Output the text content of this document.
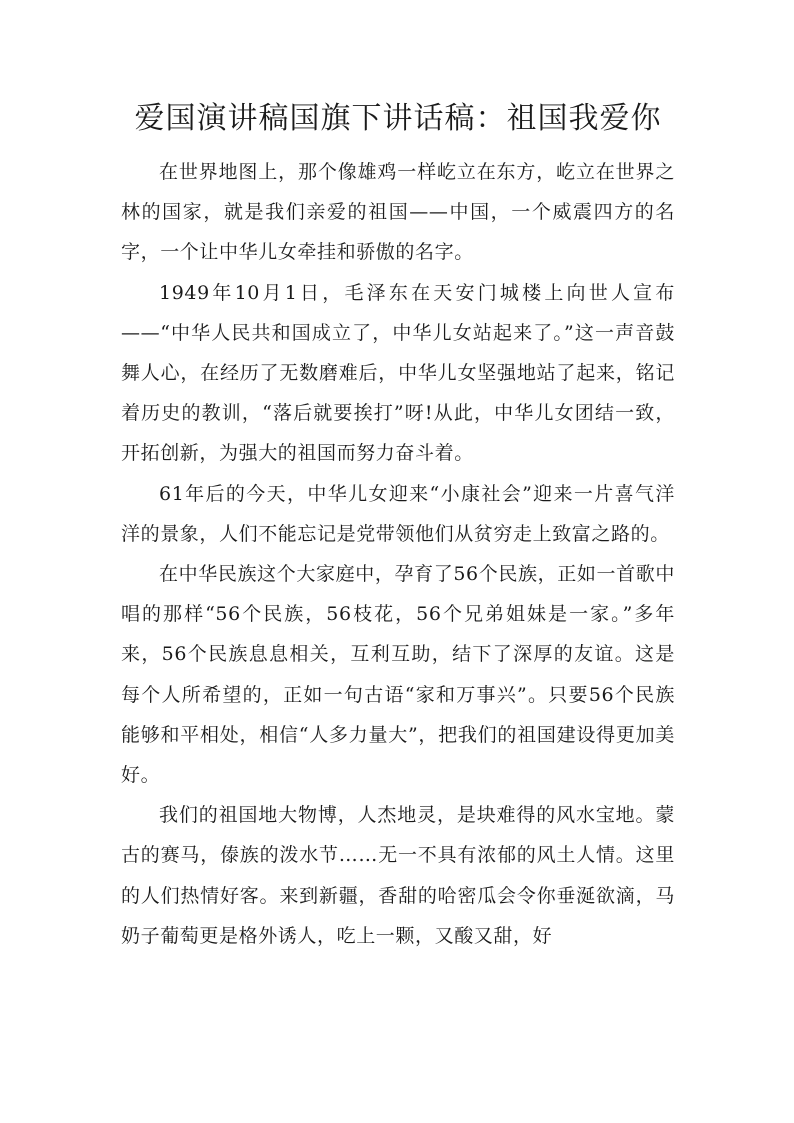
爱国演讲稿国旗下讲话稿：祖国我爱你

在世界地图上，那个像雄鸡一样屹立在东方，屹立在世界之林的国家，就是我们亲爱的祖国——中国，一个威震四方的名字，一个让中华儿女牵挂和骄傲的名字。

1949年10月1日，毛泽东在天安门城楼上向世人宣布——“中华人民共和国成立了，中华儿女站起来了。”这一声音鼓舞人心，在经历了无数磨难后，中华儿女坚强地站了起来，铭记着历史的教训，“落后就要挨打”呀!从此，中华儿女团结一致，开拓创新，为强大的祖国而努力奋斗着。

61年后的今天，中华儿女迎来“小康社会”迎来一片喜气洋洋的景象，人们不能忘记是党带领他们从贫穷走上致富之路的。

在中华民族这个大家庭中，孕育了56个民族，正如一首歌中唱的那样“56个民族，56枝花，56个兄弟姐妹是一家。”多年来，56个民族息息相关，互利互助，结下了深厚的友谊。这是每个人所希望的，正如一句古语“家和万事兴”。只要56个民族能够和平相处，相信“人多力量大”，把我们的祖国建设得更加美好。

我们的祖国地大物博，人杰地灵，是块难得的风水宝地。蒙古的赛马，傣族的泼水节……无一不具有浓郁的风土人情。这里的人们热情好客。来到新疆，香甜的哈密瓜会令你垂涎欲滴，马奶子葡萄更是格外诱人，吃上一颗，又酸又甜，好
